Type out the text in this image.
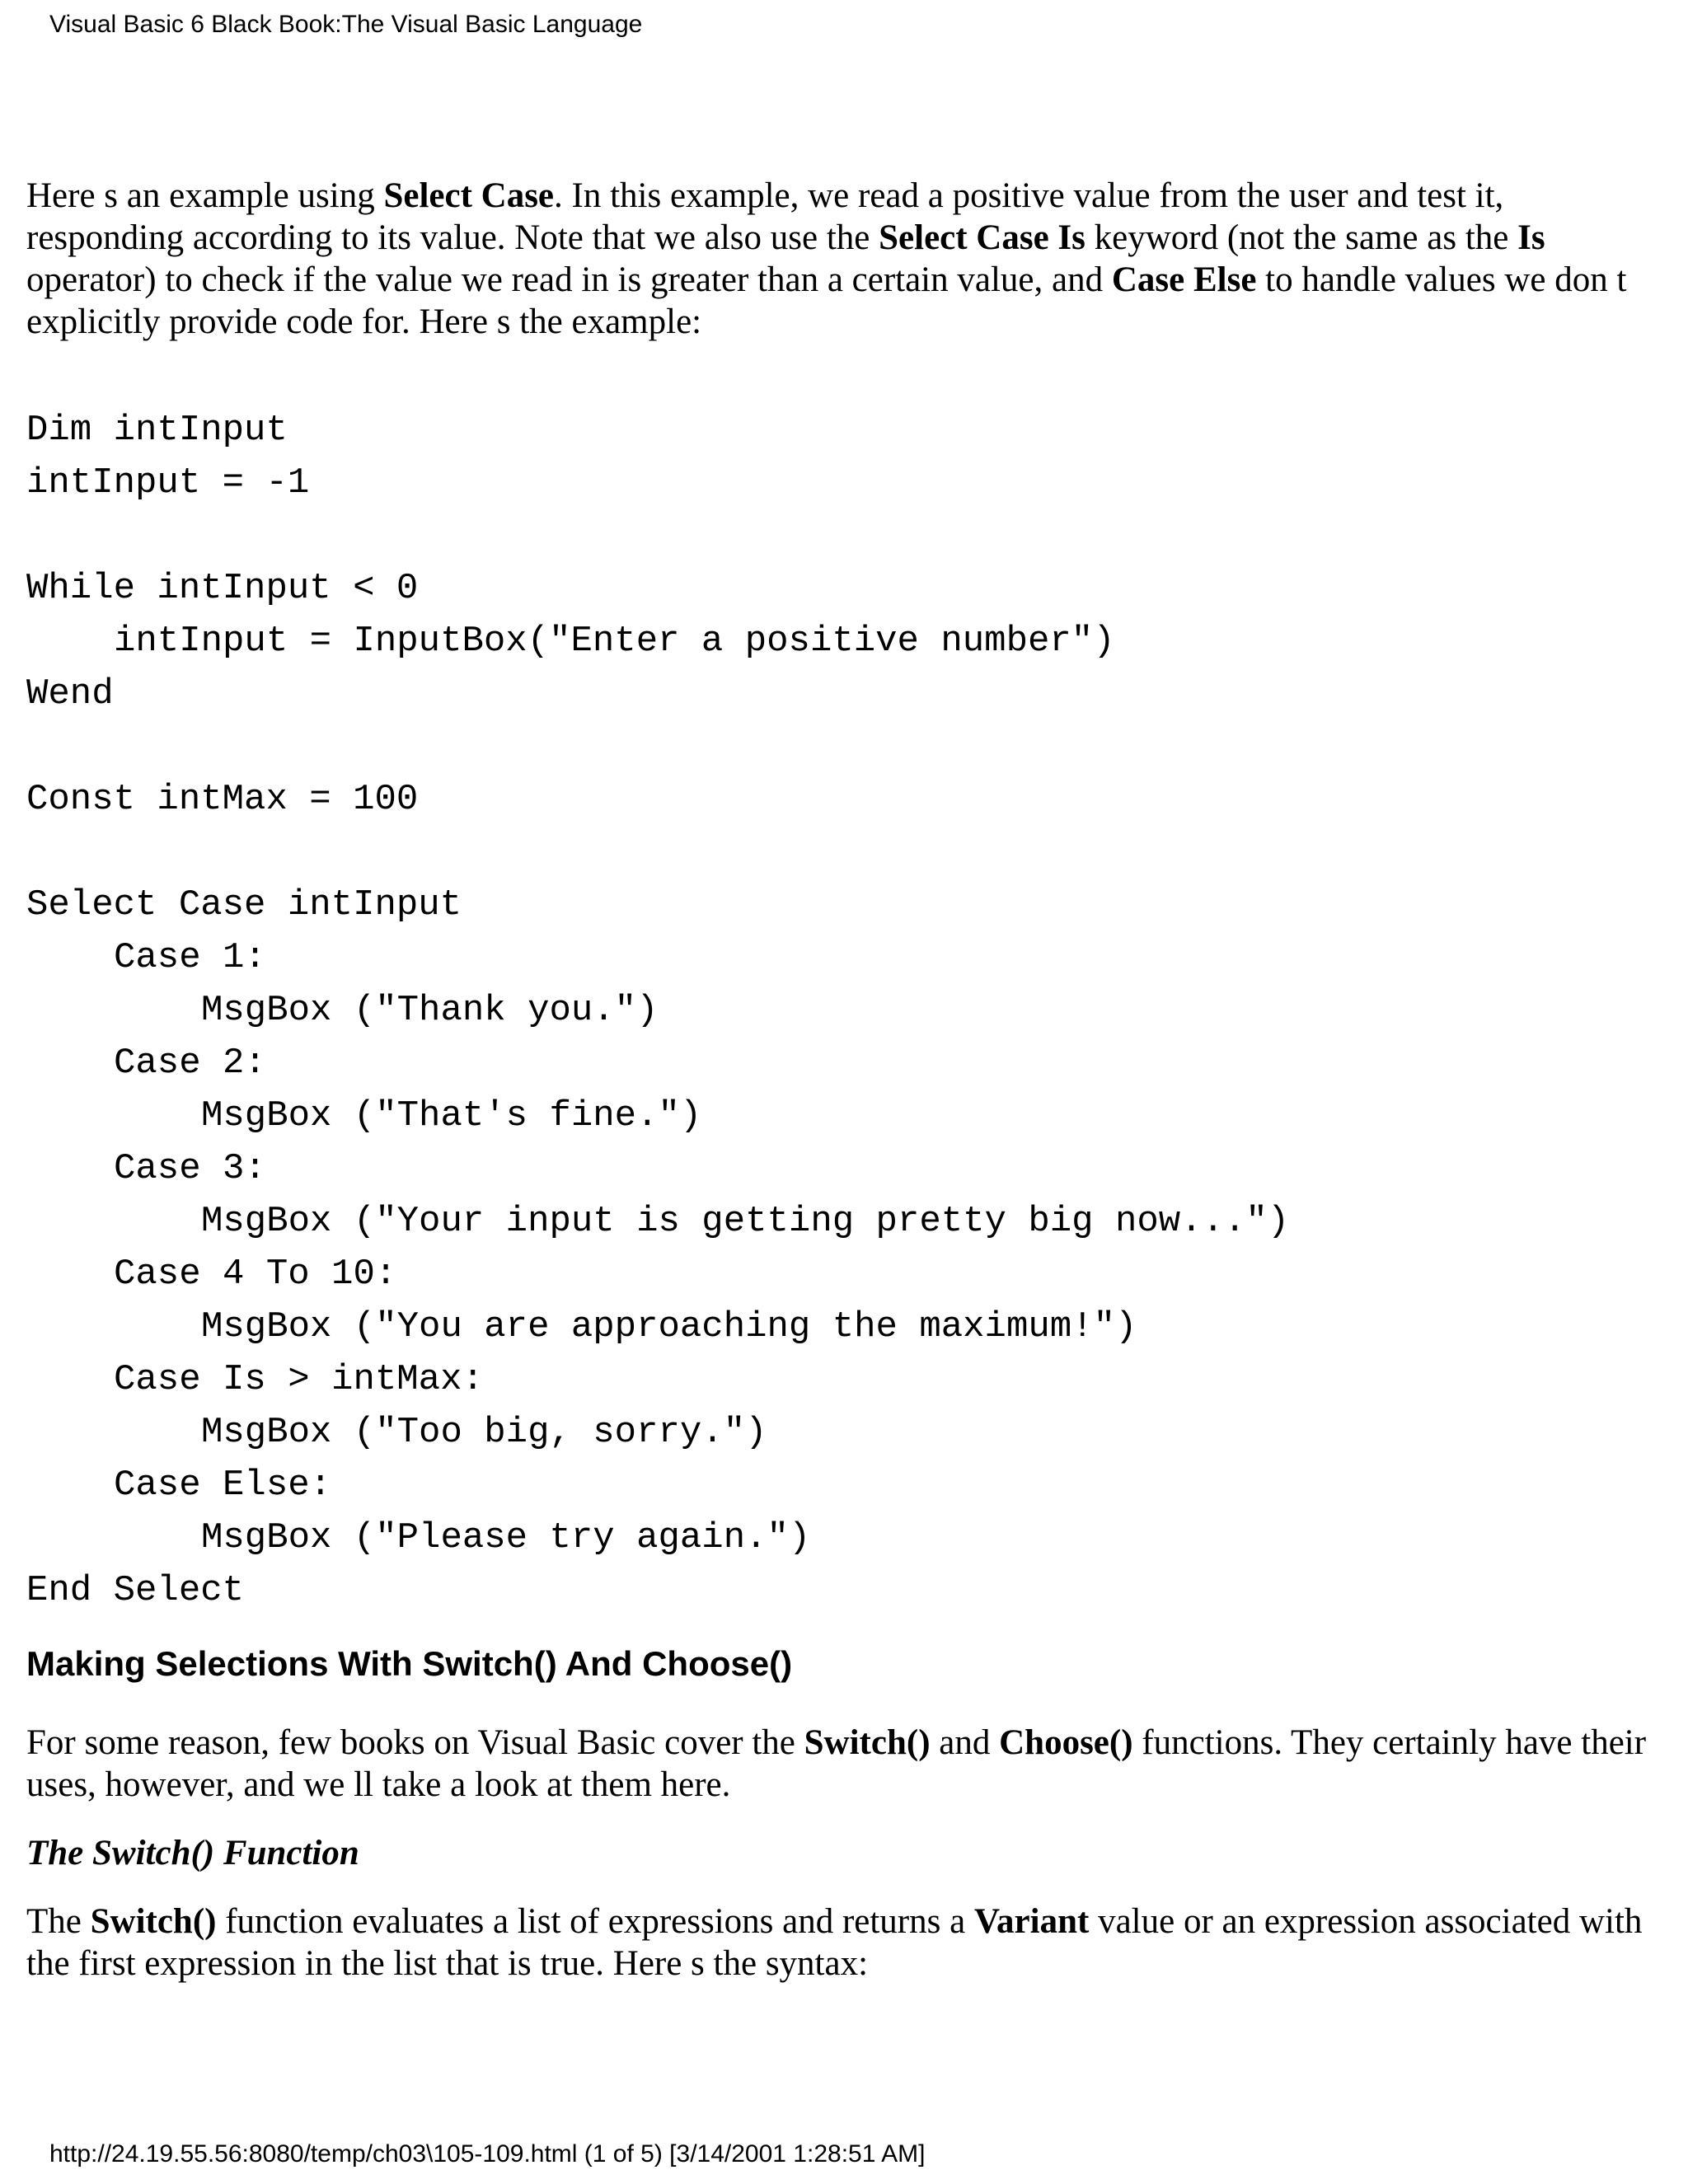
Visual Basic 6 Black Book:The Visual Basic Language

Here s an example using Select Case. In this example, we read a positive value from the user and test it, responding according to its value. Note that we also use the Select Case Is keyword (not the same as the Is operator) to check if the value we read in is greater than a certain value, and Case Else to handle values we don t explicitly provide code for. Here s the example:

Dim intInput
intInput = -1
While intInput < 0
intInput = InputBox("Enter a positive number")
Wend
Const intMax = 100
Select Case intInput
Case 1:
MsgBox ("Thank you.")
Case 2:
MsgBox ("That's fine.")
Case 3:
MsgBox ("Your input is getting pretty big now...")
Case 4 To 10:
MsgBox ("You are approaching the maximum!")
Case Is > intMax:
MsgBox ("Too big, sorry.")
Case Else:
MsgBox ("Please try again.")
End Select
Making Selections With Switch() And Choose()

For some reason, few books on Visual Basic cover the Switch() and Choose() functions. They certainly have their uses, however, and we ll take a look at them here.

The Switch() Function

The Switch() function evaluates a list of expressions and returns a Variant value or an expression associated with the first expression in the list that is true. Here s the syntax:

http://24.19.55.56:8080/temp/ch03\105-109.html (1 of 5) [3/14/2001 1:28:51 AM]
